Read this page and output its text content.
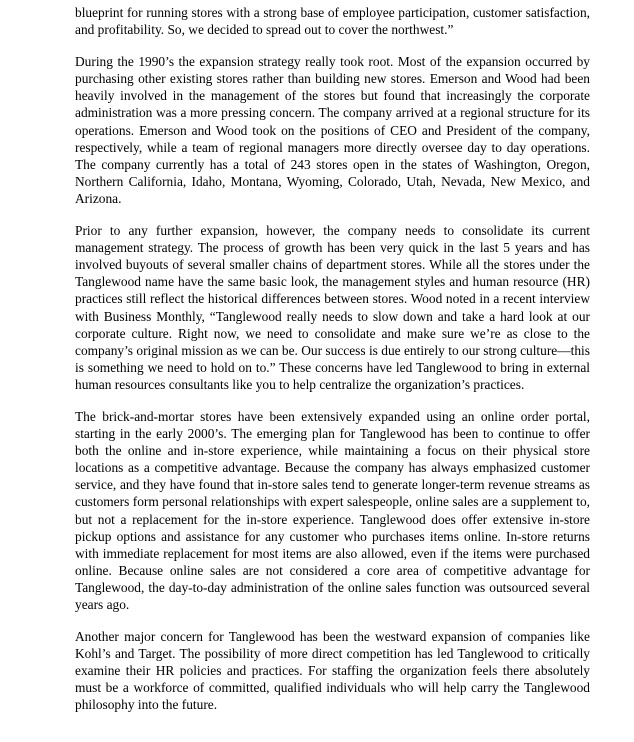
blueprint for running stores with a strong base of employee participation, customer satisfaction, and profitability. So, we decided to spread out to cover the northwest.”

During the 1990’s the expansion strategy really took root. Most of the expansion occurred by purchasing other existing stores rather than building new stores. Emerson and Wood had been heavily involved in the management of the stores but found that increasingly the corporate administration was a more pressing concern. The company arrived at a regional structure for its operations. Emerson and Wood took on the positions of CEO and President of the company, respectively, while a team of regional managers more directly oversee day to day operations. The company currently has a total of 243 stores open in the states of Washington, Oregon, Northern California, Idaho, Montana, Wyoming, Colorado, Utah, Nevada, New Mexico, and Arizona.

Prior to any further expansion, however, the company needs to consolidate its current management strategy. The process of growth has been very quick in the last 5 years and has involved buyouts of several smaller chains of department stores. While all the stores under the Tanglewood name have the same basic look, the management styles and human resource (HR) practices still reflect the historical differences between stores. Wood noted in a recent interview with Business Monthly, “Tanglewood really needs to slow down and take a hard look at our corporate culture. Right now, we need to consolidate and make sure we’re as close to the company’s original mission as we can be. Our success is due entirely to our strong culture—this is something we need to hold on to.” These concerns have led Tanglewood to bring in external human resources consultants like you to help centralize the organization’s practices.

The brick-and-mortar stores have been extensively expanded using an online order portal, starting in the early 2000’s. The emerging plan for Tanglewood has been to continue to offer both the online and in-store experience, while maintaining a focus on their physical store locations as a competitive advantage. Because the company has always emphasized customer service, and they have found that in-store sales tend to generate longer-term revenue streams as customers form personal relationships with expert salespeople, online sales are a supplement to, but not a replacement for the in-store experience. Tanglewood does offer extensive in-store pickup options and assistance for any customer who purchases items online. In-store returns with immediate replacement for most items are also allowed, even if the items were purchased online. Because online sales are not considered a core area of competitive advantage for Tanglewood, the day-to-day administration of the online sales function was outsourced several years ago.

Another major concern for Tanglewood has been the westward expansion of companies like Kohl’s and Target. The possibility of more direct competition has led Tanglewood to critically examine their HR policies and practices. For staffing the organization feels there absolutely must be a workforce of committed, qualified individuals who will help carry the Tanglewood philosophy into the future.
